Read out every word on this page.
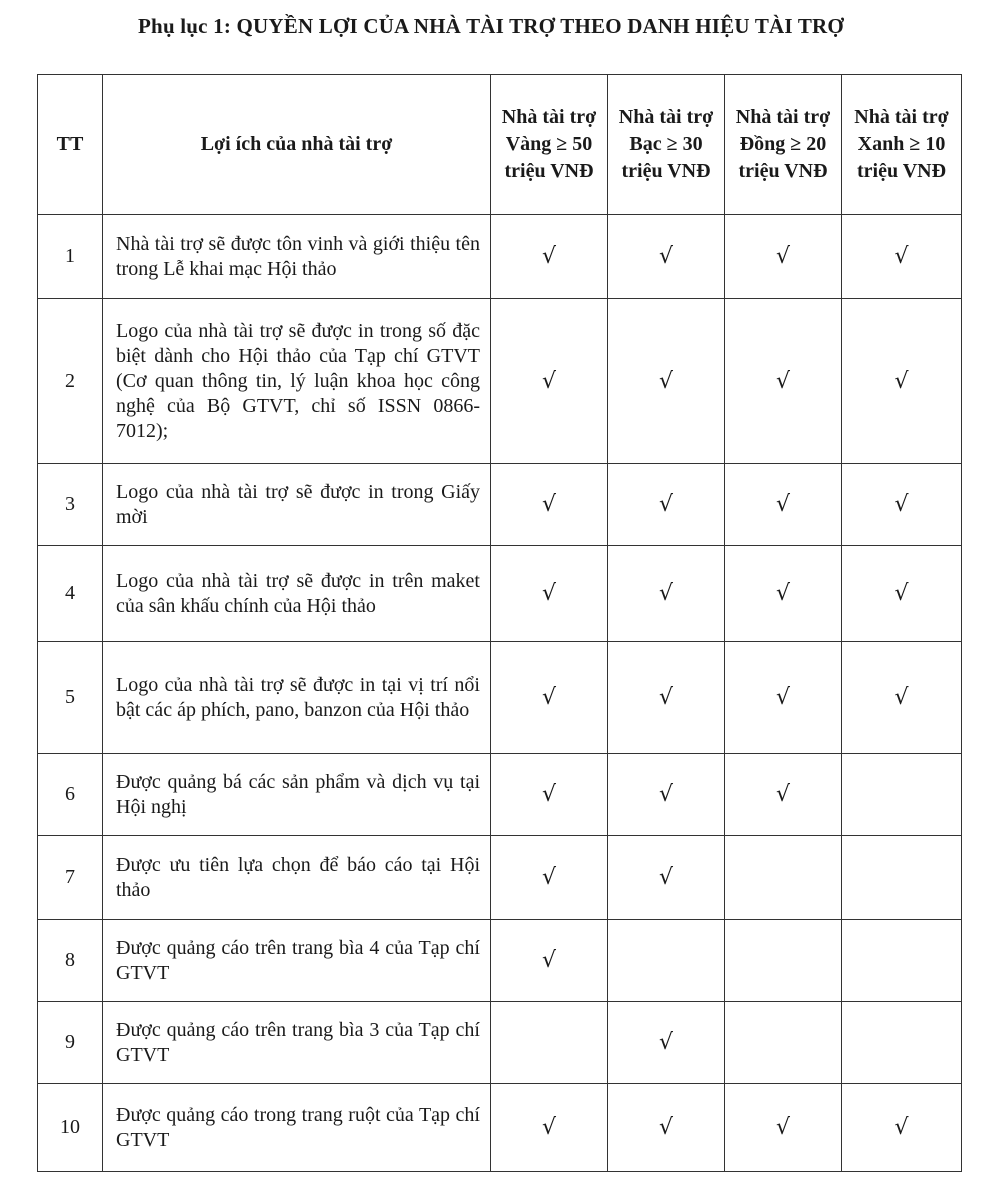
Phụ lục 1: QUYỀN LỢI CỦA NHÀ TÀI TRỢ THEO DANH HIỆU TÀI TRỢ
TT	Lợi ích của nhà tài trợ	Nhà tài trợ Vàng ≥ 50 triệu VNĐ	Nhà tài trợ Bạc ≥ 30 triệu VNĐ	Nhà tài trợ Đồng ≥ 20 triệu VNĐ	Nhà tài trợ Xanh ≥ 10 triệu VNĐ
1	Nhà tài trợ sẽ được tôn vinh và giới thiệu tên trong Lễ khai mạc Hội thảo	√	√	√	√
2	Logo của nhà tài trợ sẽ được in trong số đặc biệt dành cho Hội thảo của Tạp chí GTVT (Cơ quan thông tin, lý luận khoa học công nghệ của Bộ GTVT, chỉ số ISSN 0866- 7012);	√	√	√	√
3	Logo của nhà tài trợ sẽ được in trong Giấy mời	√	√	√	√
4	Logo của nhà tài trợ sẽ được in trên maket của sân khấu chính của Hội thảo	√	√	√	√
5	Logo của nhà tài trợ sẽ được in tại vị trí nổi bật các áp phích, pano, banzon của Hội thảo	√	√	√	√
6	Được quảng bá các sản phẩm và dịch vụ tại Hội nghị	√	√	√	
7	Được ưu tiên lựa chọn để báo cáo tại Hội thảo	√	√		
8	Được quảng cáo trên trang bìa 4 của Tạp chí GTVT	√			
9	Được quảng cáo trên trang bìa 3 của Tạp chí GTVT		√		
10	Được quảng cáo trong trang ruột của Tạp chí GTVT	√	√	√	√
